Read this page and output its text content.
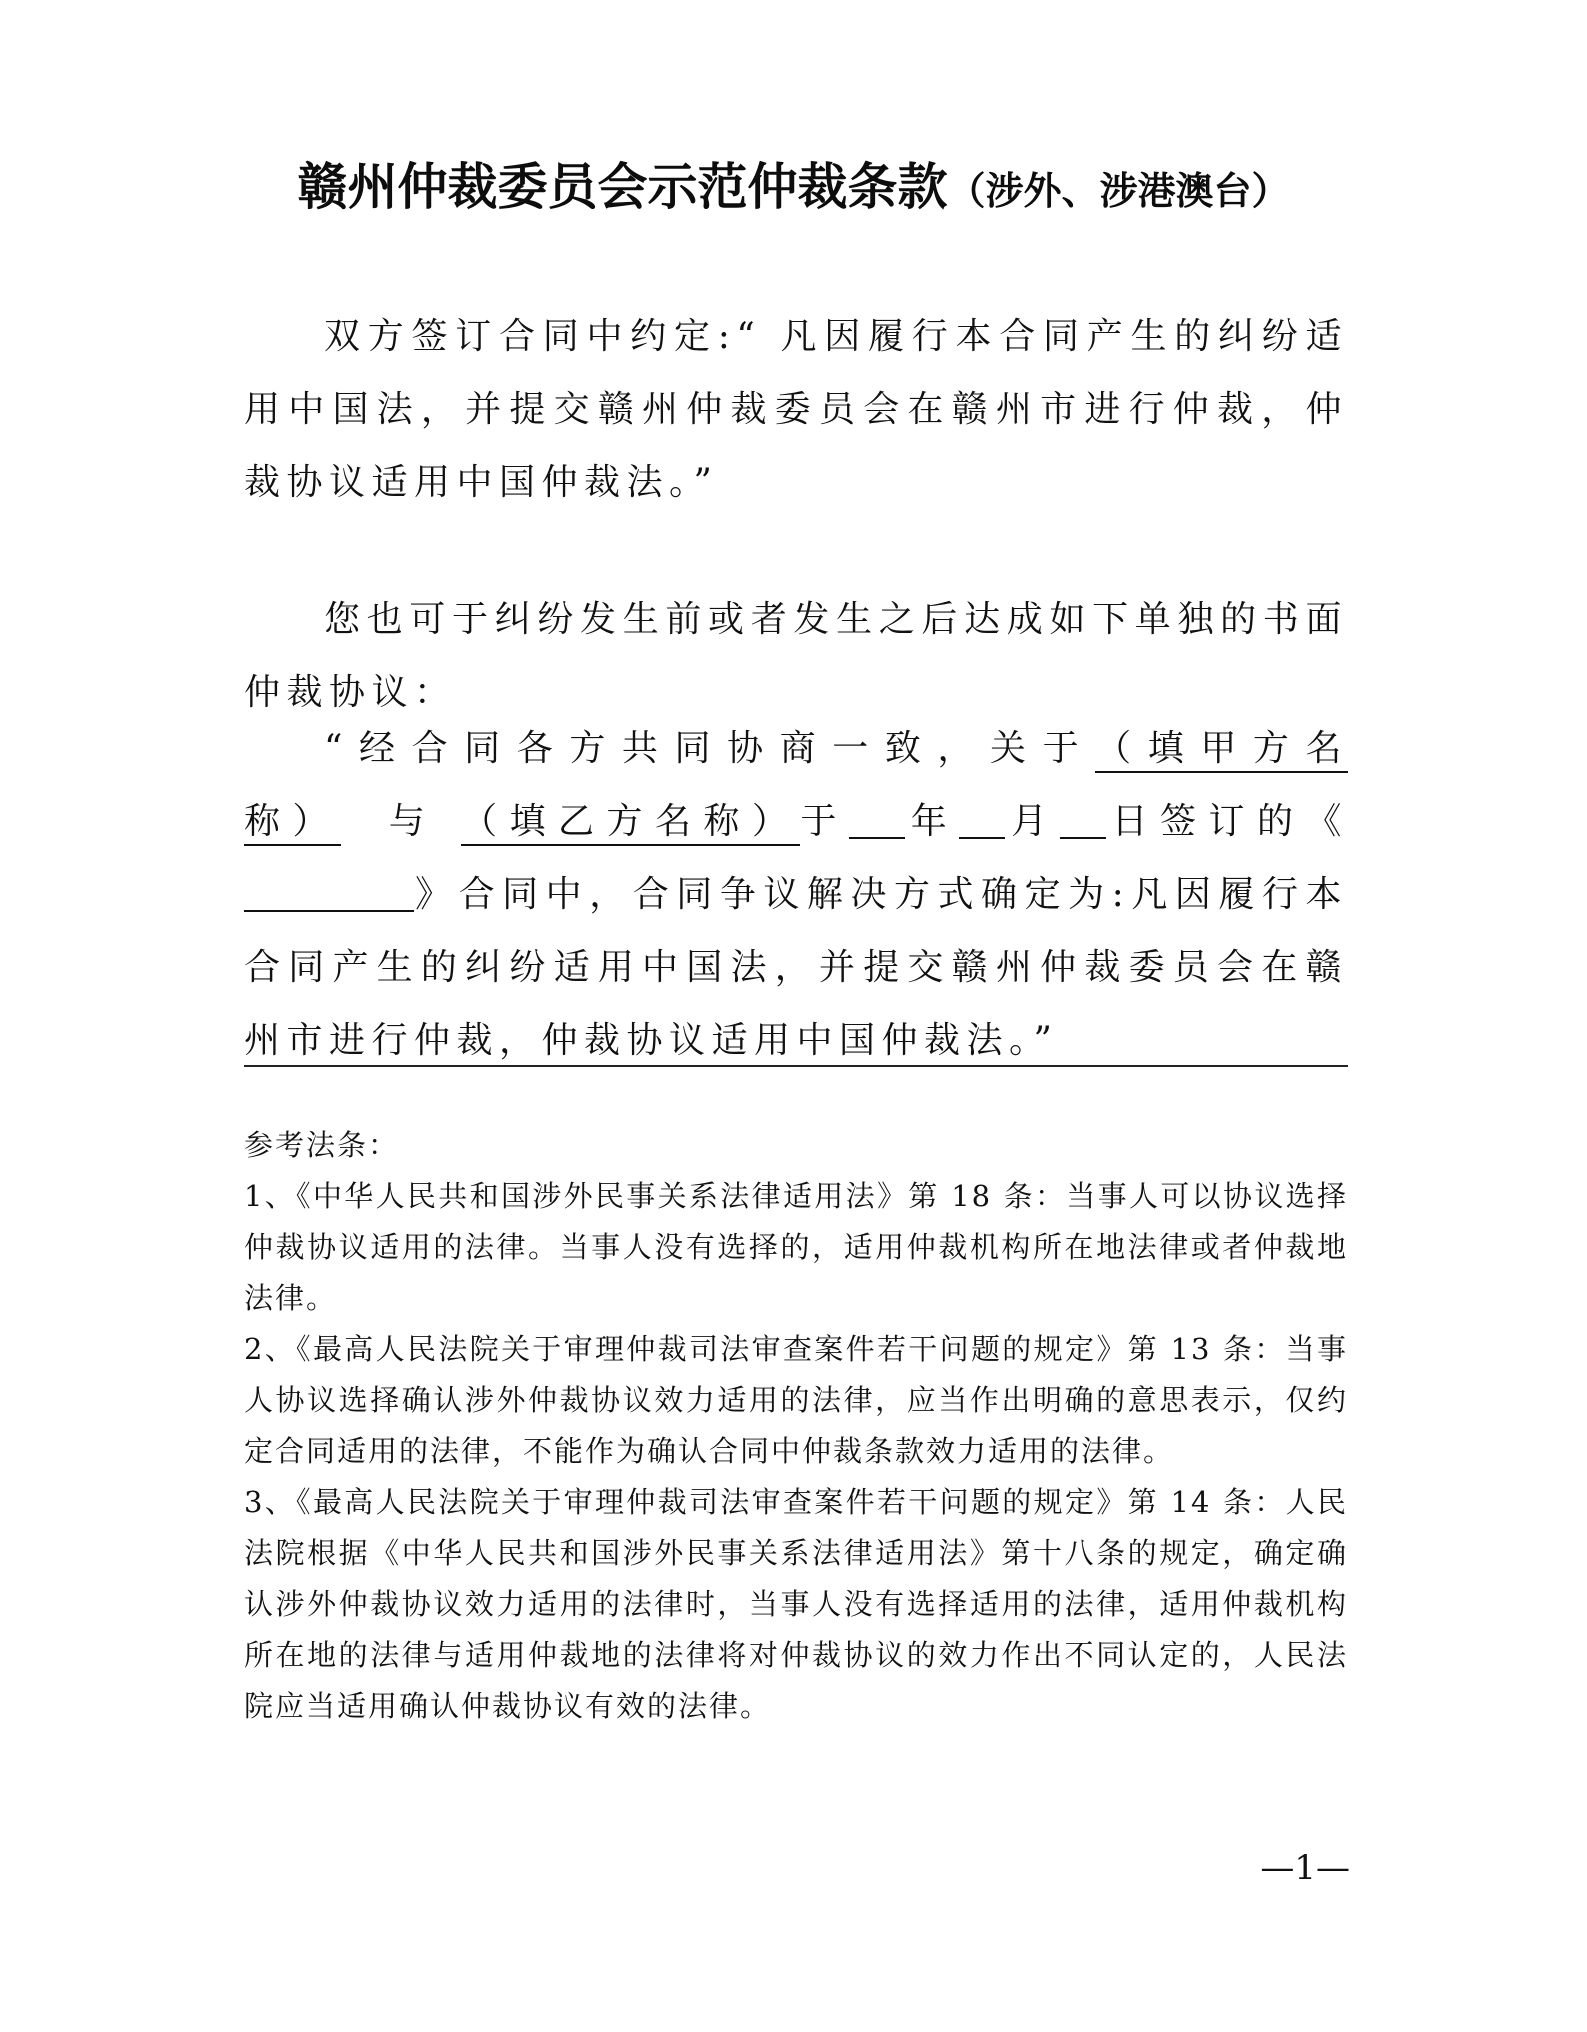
赣州仲裁委员会示范仲裁条款（涉外、涉港澳台）

双方签订合同中约定:“ 凡因履行本合同产生的纠纷适用中国法，并提交赣州仲裁委员会在赣州市进行仲裁，仲裁协议适用中国仲裁法。”

您也可于纠纷发生前或者发生之后达成如下单独的书面仲裁协议：

“经合同各方共同协商一致，关于（填甲方名称） 与 （填乙方名称）于 年 月 日签订的《》合同中，合同争议解决方式确定为:凡因履行本合同产生的纠纷适用中国法，并提交赣州仲裁委员会在赣州市进行仲裁，仲裁协议适用中国仲裁法。”

参考法条：

1、《中华人民共和国涉外民事关系法律适用法》第 18 条：当事人可以协议选择仲裁协议适用的法律。当事人没有选择的，适用仲裁机构所在地法律或者仲裁地法律。

2、《最高人民法院关于审理仲裁司法审查案件若干问题的规定》第 13 条：当事人协议选择确认涉外仲裁协议效力适用的法律，应当作出明确的意思表示，仅约定合同适用的法律，不能作为确认合同中仲裁条款效力适用的法律。

3、《最高人民法院关于审理仲裁司法审查案件若干问题的规定》第 14 条：人民法院根据《中华人民共和国涉外民事关系法律适用法》第十八条的规定，确定确认涉外仲裁协议效力适用的法律时，当事人没有选择适用的法律，适用仲裁机构所在地的法律与适用仲裁地的法律将对仲裁协议的效力作出不同认定的，人民法院应当适用确认仲裁协议有效的法律。

—1—
